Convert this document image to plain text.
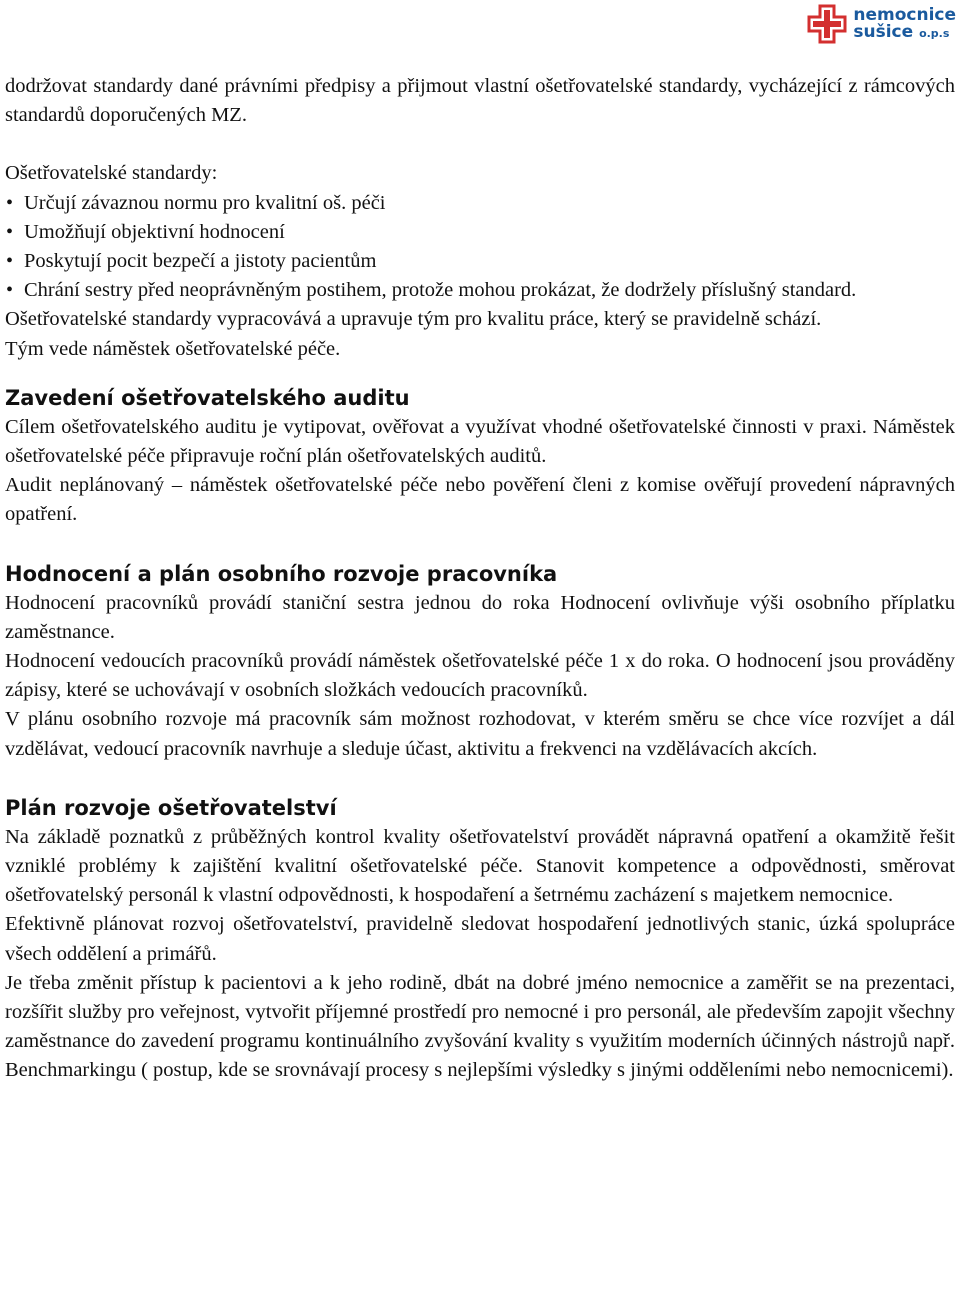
nemocnice
sušice o.p.s

dodržovat standardy dané právními předpisy a přijmout vlastní ošetřovatelské standardy, vycházející z rámcových standardů doporučených MZ.

Ošetřovatelské standardy:

• Určují závaznou normu pro kvalitní oš. péči
• Umožňují objektivní hodnocení
• Poskytují pocit bezpečí a jistoty pacientům
• Chrání sestry před neoprávněným postihem, protože mohou prokázat, že dodržely příslušný standard.

Ošetřovatelské standardy vypracovává a upravuje tým pro kvalitu práce, který se pravidelně schází.

Tým vede náměstek ošetřovatelské péče.

Zavedení ošetřovatelského auditu

Cílem ošetřovatelského auditu je vytipovat, ověřovat a využívat vhodné ošetřovatelské činnosti v praxi. Náměstek ošetřovatelské péče připravuje roční plán ošetřovatelských auditů.

Audit neplánovaný – náměstek ošetřovatelské péče nebo pověření členi z komise ověřují provedení nápravných opatření.

Hodnocení a plán osobního rozvoje pracovníka

Hodnocení pracovníků provádí staniční sestra jednou do roka Hodnocení ovlivňuje výši osobního příplatku zaměstnance.

Hodnocení vedoucích pracovníků provádí náměstek ošetřovatelské péče 1 x do roka. O hodnocení jsou prováděny zápisy, které se uchovávají v osobních složkách vedoucích pracovníků.

V plánu osobního rozvoje má pracovník sám možnost rozhodovat, v kterém směru se chce více rozvíjet a dál vzdělávat, vedoucí pracovník navrhuje a sleduje účast, aktivitu a frekvenci na vzdělávacích akcích.

Plán rozvoje ošetřovatelství

Na základě poznatků z průběžných kontrol kvality ošetřovatelství provádět nápravná opatření a okamžitě řešit vzniklé problémy k zajištění kvalitní ošetřovatelské péče. Stanovit kompetence a odpovědnosti, směrovat ošetřovatelský personál k vlastní odpovědnosti, k hospodaření a šetrnému zacházení s majetkem nemocnice.

Efektivně plánovat rozvoj ošetřovatelství, pravidelně sledovat hospodaření jednotlivých stanic, úzká spolupráce všech oddělení a primářů.

Je třeba změnit přístup k pacientovi a k jeho rodině, dbát na dobré jméno nemocnice a zaměřit se na prezentaci, rozšířit služby pro veřejnost, vytvořit příjemné prostředí pro nemocné i pro personál, ale především zapojit všechny zaměstnance do zavedení programu kontinuálního zvyšování kvality s využitím moderních účinných nástrojů např. Benchmarkingu ( postup, kde se srovnávají procesy s nejlepšími výsledky s jinými odděleními nebo nemocnicemi).
